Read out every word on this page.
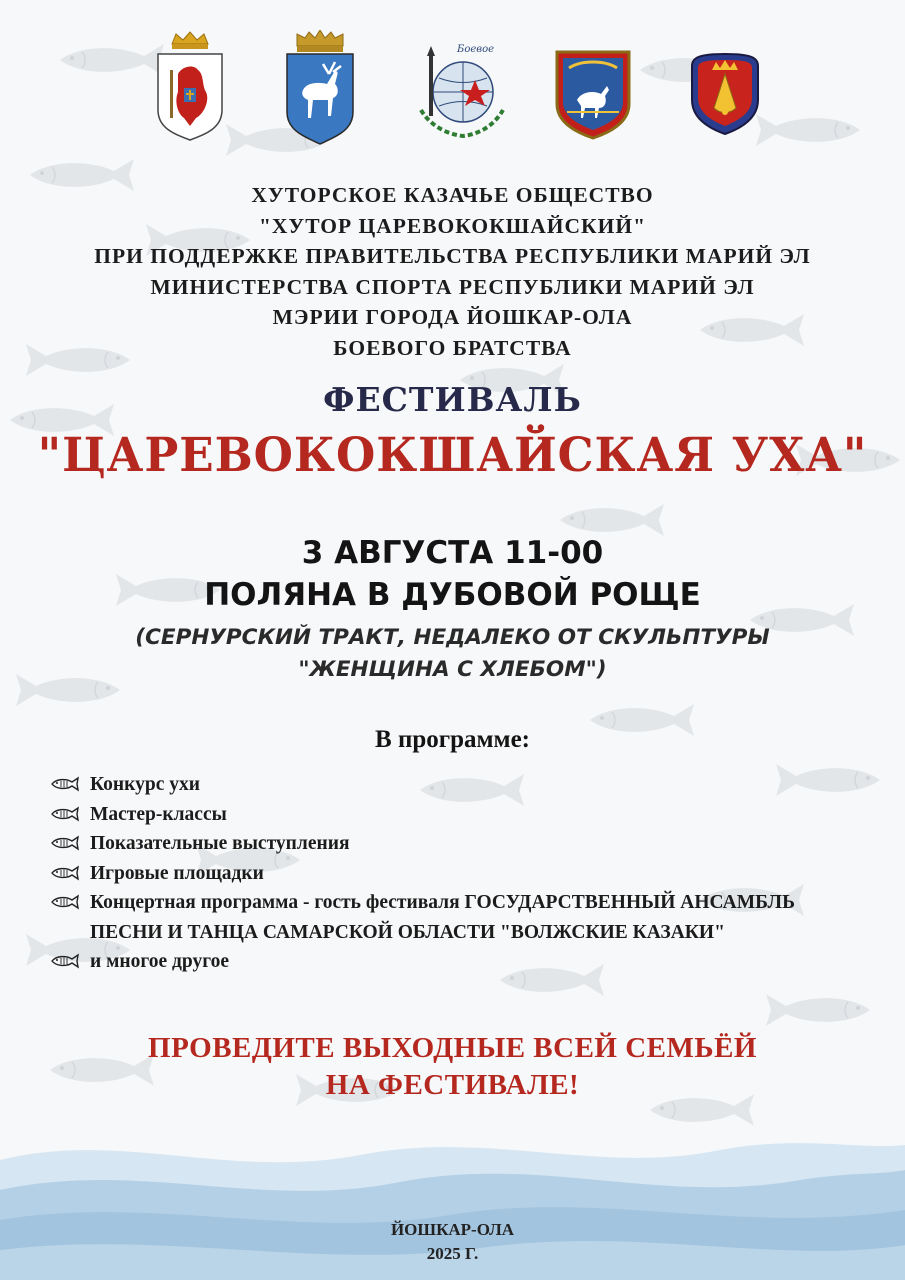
Боевое
ХУТОРСКОЕ КАЗАЧЬЕ ОБЩЕСТВО
"ХУТОР ЦАРЕВОКОКШАЙСКИЙ"
ПРИ ПОДДЕРЖКЕ ПРАВИТЕЛЬСТВА РЕСПУБЛИКИ МАРИЙ ЭЛ
МИНИСТЕРСТВА СПОРТА РЕСПУБЛИКИ МАРИЙ ЭЛ
МЭРИИ ГОРОДА ЙОШКАР-ОЛА
БОЕВОГО БРАТСТВА
ФЕСТИВАЛЬ
"ЦАРЕВОКОКШАЙСКАЯ УХА"
3 АВГУСТА 11-00
ПОЛЯНА В ДУБОВОЙ РОЩЕ
(СЕРНУРСКИЙ ТРАКТ, НЕДАЛЕКО ОТ СКУЛЬПТУРЫ
"ЖЕНЩИНА С ХЛЕБОМ")
В программе:
Конкурс ухи
Мастер-классы
Показательные выступления
Игровые площадки
Концертная программа - гость фестиваля ГОСУДАРСТВЕННЫЙ АНСАМБЛЬ ПЕСНИ И ТАНЦА САМАРСКОЙ ОБЛАСТИ "ВОЛЖСКИЕ КАЗАКИ"
и многое другое
ПРОВЕДИТЕ ВЫХОДНЫЕ ВСЕЙ СЕМЬЁЙ
НА ФЕСТИВАЛЕ!
ЙОШКАР-ОЛА
2025 Г.
